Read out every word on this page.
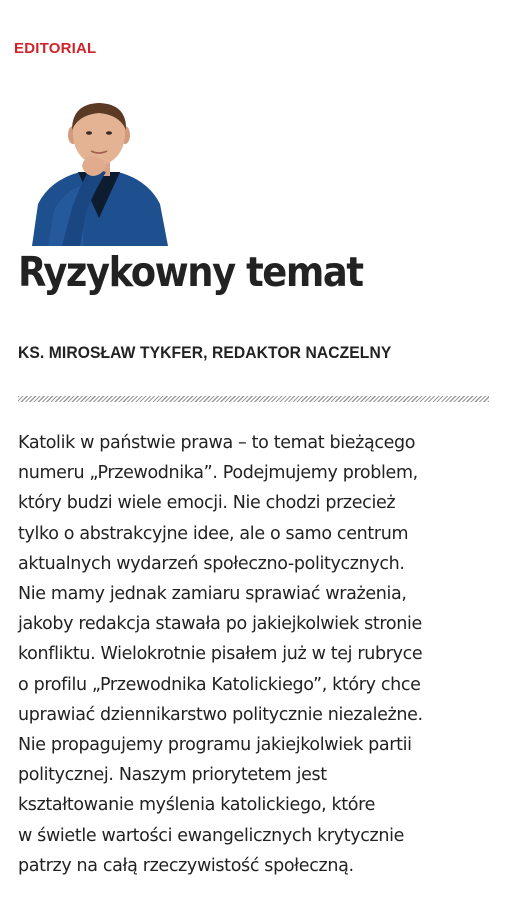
EDITORIAL
Ryzykowny temat
KS. MIROSŁAW TYKFER, REDAKTOR NACZELNY
Katolik w państwie prawa – to temat bieżącego
numeru „Przewodnika”. Podejmujemy problem,
który budzi wiele emocji. Nie chodzi przecież
tylko o abstrakcyjne idee, ale o samo centrum
aktualnych wydarzeń społeczno-politycznych.
Nie mamy jednak zamiaru sprawiać wrażenia,
jakoby redakcja stawała po jakiejkolwiek stronie
konfliktu. Wielokrotnie pisałem już w tej rubryce
o profilu „Przewodnika Katolickiego”, który chce
uprawiać dziennikarstwo politycznie niezależne.
Nie propagujemy programu jakiejkolwiek partii
politycznej. Naszym priorytetem jest
kształtowanie myślenia katolickiego, które
w świetle wartości ewangelicznych krytycznie
patrzy na całą rzeczywistość społeczną.
